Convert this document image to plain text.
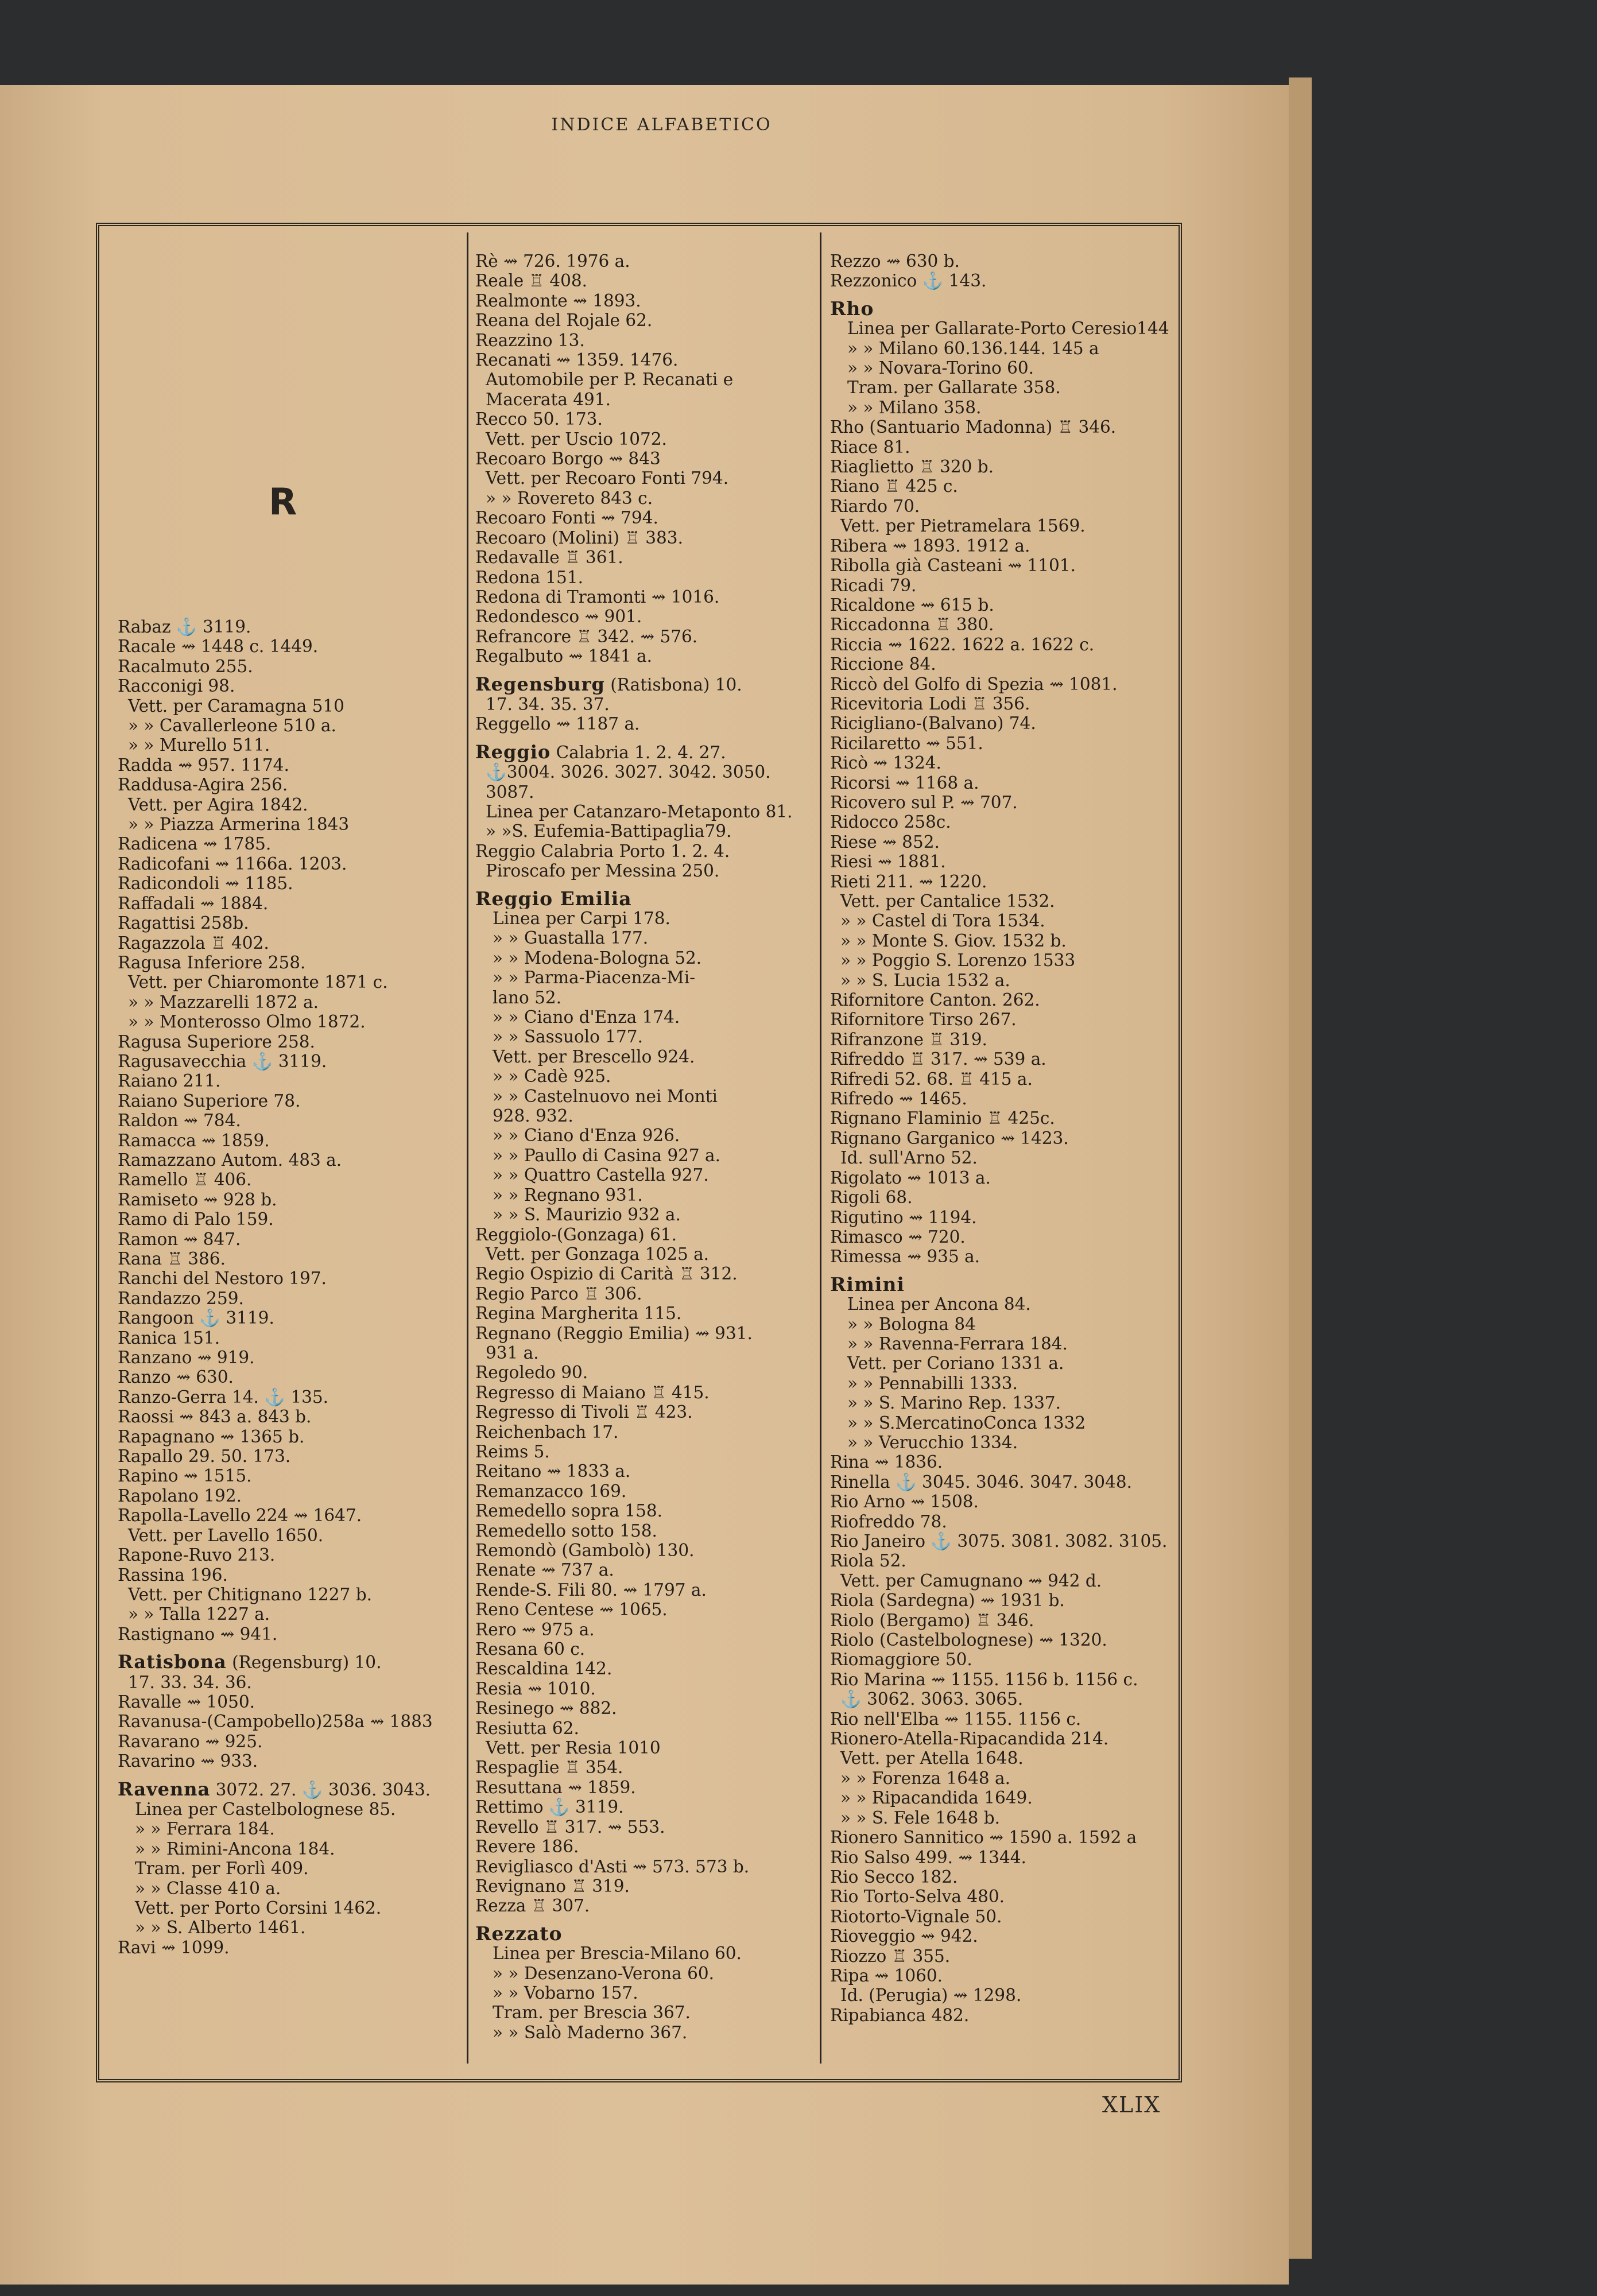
INDICE ALFABETICO
R
Rabaz ⚓ 3119.
Racale ⇝ 1448 c. 1449.
Racalmuto 255.
Racconigi 98.
Vett. per Caramagna 510
» » Cavallerleone 510 a.
» » Murello 511.
Radda ⇝ 957. 1174.
Raddusa-Agira 256.
Vett. per Agira 1842.
» » Piazza Armerina 1843
Radicena ⇝ 1785.
Radicofani ⇝ 1166a. 1203.
Radicondoli ⇝ 1185.
Raffadali ⇝ 1884.
Ragattisi 258b.
Ragazzola ♖ 402.
Ragusa Inferiore 258.
Vett. per Chiaromonte 1871 c.
» » Mazzarelli 1872 a.
» » Monterosso Olmo 1872.
Ragusa Superiore 258.
Ragusavecchia ⚓ 3119.
Raiano 211.
Raiano Superiore 78.
Raldon ⇝ 784.
Ramacca ⇝ 1859.
Ramazzano Autom. 483 a.
Ramello ♖ 406.
Ramiseto ⇝ 928 b.
Ramo di Palo 159.
Ramon ⇝ 847.
Rana ♖ 386.
Ranchi del Nestoro 197.
Randazzo 259.
Rangoon ⚓ 3119.
Ranica 151.
Ranzano ⇝ 919.
Ranzo ⇝ 630.
Ranzo-Gerra 14. ⚓ 135.
Raossi ⇝ 843 a. 843 b.
Rapagnano ⇝ 1365 b.
Rapallo 29. 50. 173.
Rapino ⇝ 1515.
Rapolano 192.
Rapolla-Lavello 224 ⇝ 1647.
Vett. per Lavello 1650.
Rapone-Ruvo 213.
Rassina 196.
Vett. per Chitignano 1227 b.
» » Talla 1227 a.
Rastignano ⇝ 941.
Ratisbona (Regensburg) 10.
17. 33. 34. 36.
Ravalle ⇝ 1050.
Ravanusa-(Campobello)258a ⇝ 1883
Ravarano ⇝ 925.
Ravarino ⇝ 933.
Ravenna 3072. 27. ⚓ 3036. 3043.
Linea per Castelbolognese 85.
» » Ferrara 184.
» » Rimini-Ancona 184.
Tram. per Forlì 409.
» » Classe 410 a.
Vett. per Porto Corsini 1462.
» » S. Alberto 1461.
Ravi ⇝ 1099.
Rè ⇝ 726. 1976 a.
Reale ♖ 408.
Realmonte ⇝ 1893.
Reana del Rojale 62.
Reazzino 13.
Recanati ⇝ 1359. 1476.
Automobile per P. Recanati e
Macerata 491.
Recco 50. 173.
Vett. per Uscio 1072.
Recoaro Borgo ⇝ 843
Vett. per Recoaro Fonti 794.
» » Rovereto 843 c.
Recoaro Fonti ⇝ 794.
Recoaro (Molini) ♖ 383.
Redavalle ♖ 361.
Redona 151.
Redona di Tramonti ⇝ 1016.
Redondesco ⇝ 901.
Refrancore ♖ 342. ⇝ 576.
Regalbuto ⇝ 1841 a.
Regensburg (Ratisbona) 10.
17. 34. 35. 37.
Reggello ⇝ 1187 a.
Reggio Calabria 1. 2. 4. 27.
⚓3004. 3026. 3027. 3042. 3050.
3087.
Linea per Catanzaro-Metaponto 81.
» »S. Eufemia-Battipaglia79.
Reggio Calabria Porto 1. 2. 4.
Piroscafo per Messina 250.
Reggio Emilia
Linea per Carpi 178.
» » Guastalla 177.
» » Modena-Bologna 52.
» » Parma-Piacenza-Mi-
lano 52.
» » Ciano d'Enza 174.
» » Sassuolo 177.
Vett. per Brescello 924.
» » Cadè 925.
» » Castelnuovo nei Monti
928. 932.
» » Ciano d'Enza 926.
» » Paullo di Casina 927 a.
» » Quattro Castella 927.
» » Regnano 931.
» » S. Maurizio 932 a.
Reggiolo-(Gonzaga) 61.
Vett. per Gonzaga 1025 a.
Regio Ospizio di Carità ♖ 312.
Regio Parco ♖ 306.
Regina Margherita 115.
Regnano (Reggio Emilia) ⇝ 931.
931 a.
Regoledo 90.
Regresso di Maiano ♖ 415.
Regresso di Tivoli ♖ 423.
Reichenbach 17.
Reims 5.
Reitano ⇝ 1833 a.
Remanzacco 169.
Remedello sopra 158.
Remedello sotto 158.
Remondò (Gambolò) 130.
Renate ⇝ 737 a.
Rende-S. Fili 80. ⇝ 1797 a.
Reno Centese ⇝ 1065.
Rero ⇝ 975 a.
Resana 60 c.
Rescaldina 142.
Resia ⇝ 1010.
Resinego ⇝ 882.
Resiutta 62.
Vett. per Resia 1010
Respaglie ♖ 354.
Resuttana ⇝ 1859.
Rettimo ⚓ 3119.
Revello ♖ 317. ⇝ 553.
Revere 186.
Revigliasco d'Asti ⇝ 573. 573 b.
Revignano ♖ 319.
Rezza ♖ 307.
Rezzato
Linea per Brescia-Milano 60.
» » Desenzano-Verona 60.
» » Vobarno 157.
Tram. per Brescia 367.
» » Salò Maderno 367.
Rezzo ⇝ 630 b.
Rezzonico ⚓ 143.
Rho
Linea per Gallarate-Porto Ceresio144
» » Milano 60.136.144. 145 a
» » Novara-Torino 60.
Tram. per Gallarate 358.
» » Milano 358.
Rho (Santuario Madonna) ♖ 346.
Riace 81.
Riaglietto ♖ 320 b.
Riano ♖ 425 c.
Riardo 70.
Vett. per Pietramelara 1569.
Ribera ⇝ 1893. 1912 a.
Ribolla già Casteani ⇝ 1101.
Ricadi 79.
Ricaldone ⇝ 615 b.
Riccadonna ♖ 380.
Riccia ⇝ 1622. 1622 a. 1622 c.
Riccione 84.
Riccò del Golfo di Spezia ⇝ 1081.
Ricevitoria Lodi ♖ 356.
Ricigliano-(Balvano) 74.
Ricilaretto ⇝ 551.
Ricò ⇝ 1324.
Ricorsi ⇝ 1168 a.
Ricovero sul P. ⇝ 707.
Ridocco 258c.
Riese ⇝ 852.
Riesi ⇝ 1881.
Rieti 211. ⇝ 1220.
Vett. per Cantalice 1532.
» » Castel di Tora 1534.
» » Monte S. Giov. 1532 b.
» » Poggio S. Lorenzo 1533
» » S. Lucia 1532 a.
Rifornitore Canton. 262.
Rifornitore Tirso 267.
Rifranzone ♖ 319.
Rifreddo ♖ 317. ⇝ 539 a.
Rifredi 52. 68. ♖ 415 a.
Rifredo ⇝ 1465.
Rignano Flaminio ♖ 425c.
Rignano Garganico ⇝ 1423.
Id. sull'Arno 52.
Rigolato ⇝ 1013 a.
Rigoli 68.
Rigutino ⇝ 1194.
Rimasco ⇝ 720.
Rimessa ⇝ 935 a.
Rimini
Linea per Ancona 84.
» » Bologna 84
» » Ravenna-Ferrara 184.
Vett. per Coriano 1331 a.
» » Pennabilli 1333.
» » S. Marino Rep. 1337.
» » S.MercatinoConca 1332
» » Verucchio 1334.
Rina ⇝ 1836.
Rinella ⚓ 3045. 3046. 3047. 3048.
Rio Arno ⇝ 1508.
Riofreddo 78.
Rio Janeiro ⚓ 3075. 3081. 3082. 3105.
Riola 52.
Vett. per Camugnano ⇝ 942 d.
Riola (Sardegna) ⇝ 1931 b.
Riolo (Bergamo) ♖ 346.
Riolo (Castelbolognese) ⇝ 1320.
Riomaggiore 50.
Rio Marina ⇝ 1155. 1156 b. 1156 c.
⚓ 3062. 3063. 3065.
Rio nell'Elba ⇝ 1155. 1156 c.
Rionero-Atella-Ripacandida 214.
Vett. per Atella 1648.
» » Forenza 1648 a.
» » Ripacandida 1649.
» » S. Fele 1648 b.
Rionero Sannitico ⇝ 1590 a. 1592 a
Rio Salso 499. ⇝ 1344.
Rio Secco 182.
Rio Torto-Selva 480.
Riotorto-Vignale 50.
Rioveggio ⇝ 942.
Riozzo ♖ 355.
Ripa ⇝ 1060.
Id. (Perugia) ⇝ 1298.
Ripabianca 482.
XLIX
